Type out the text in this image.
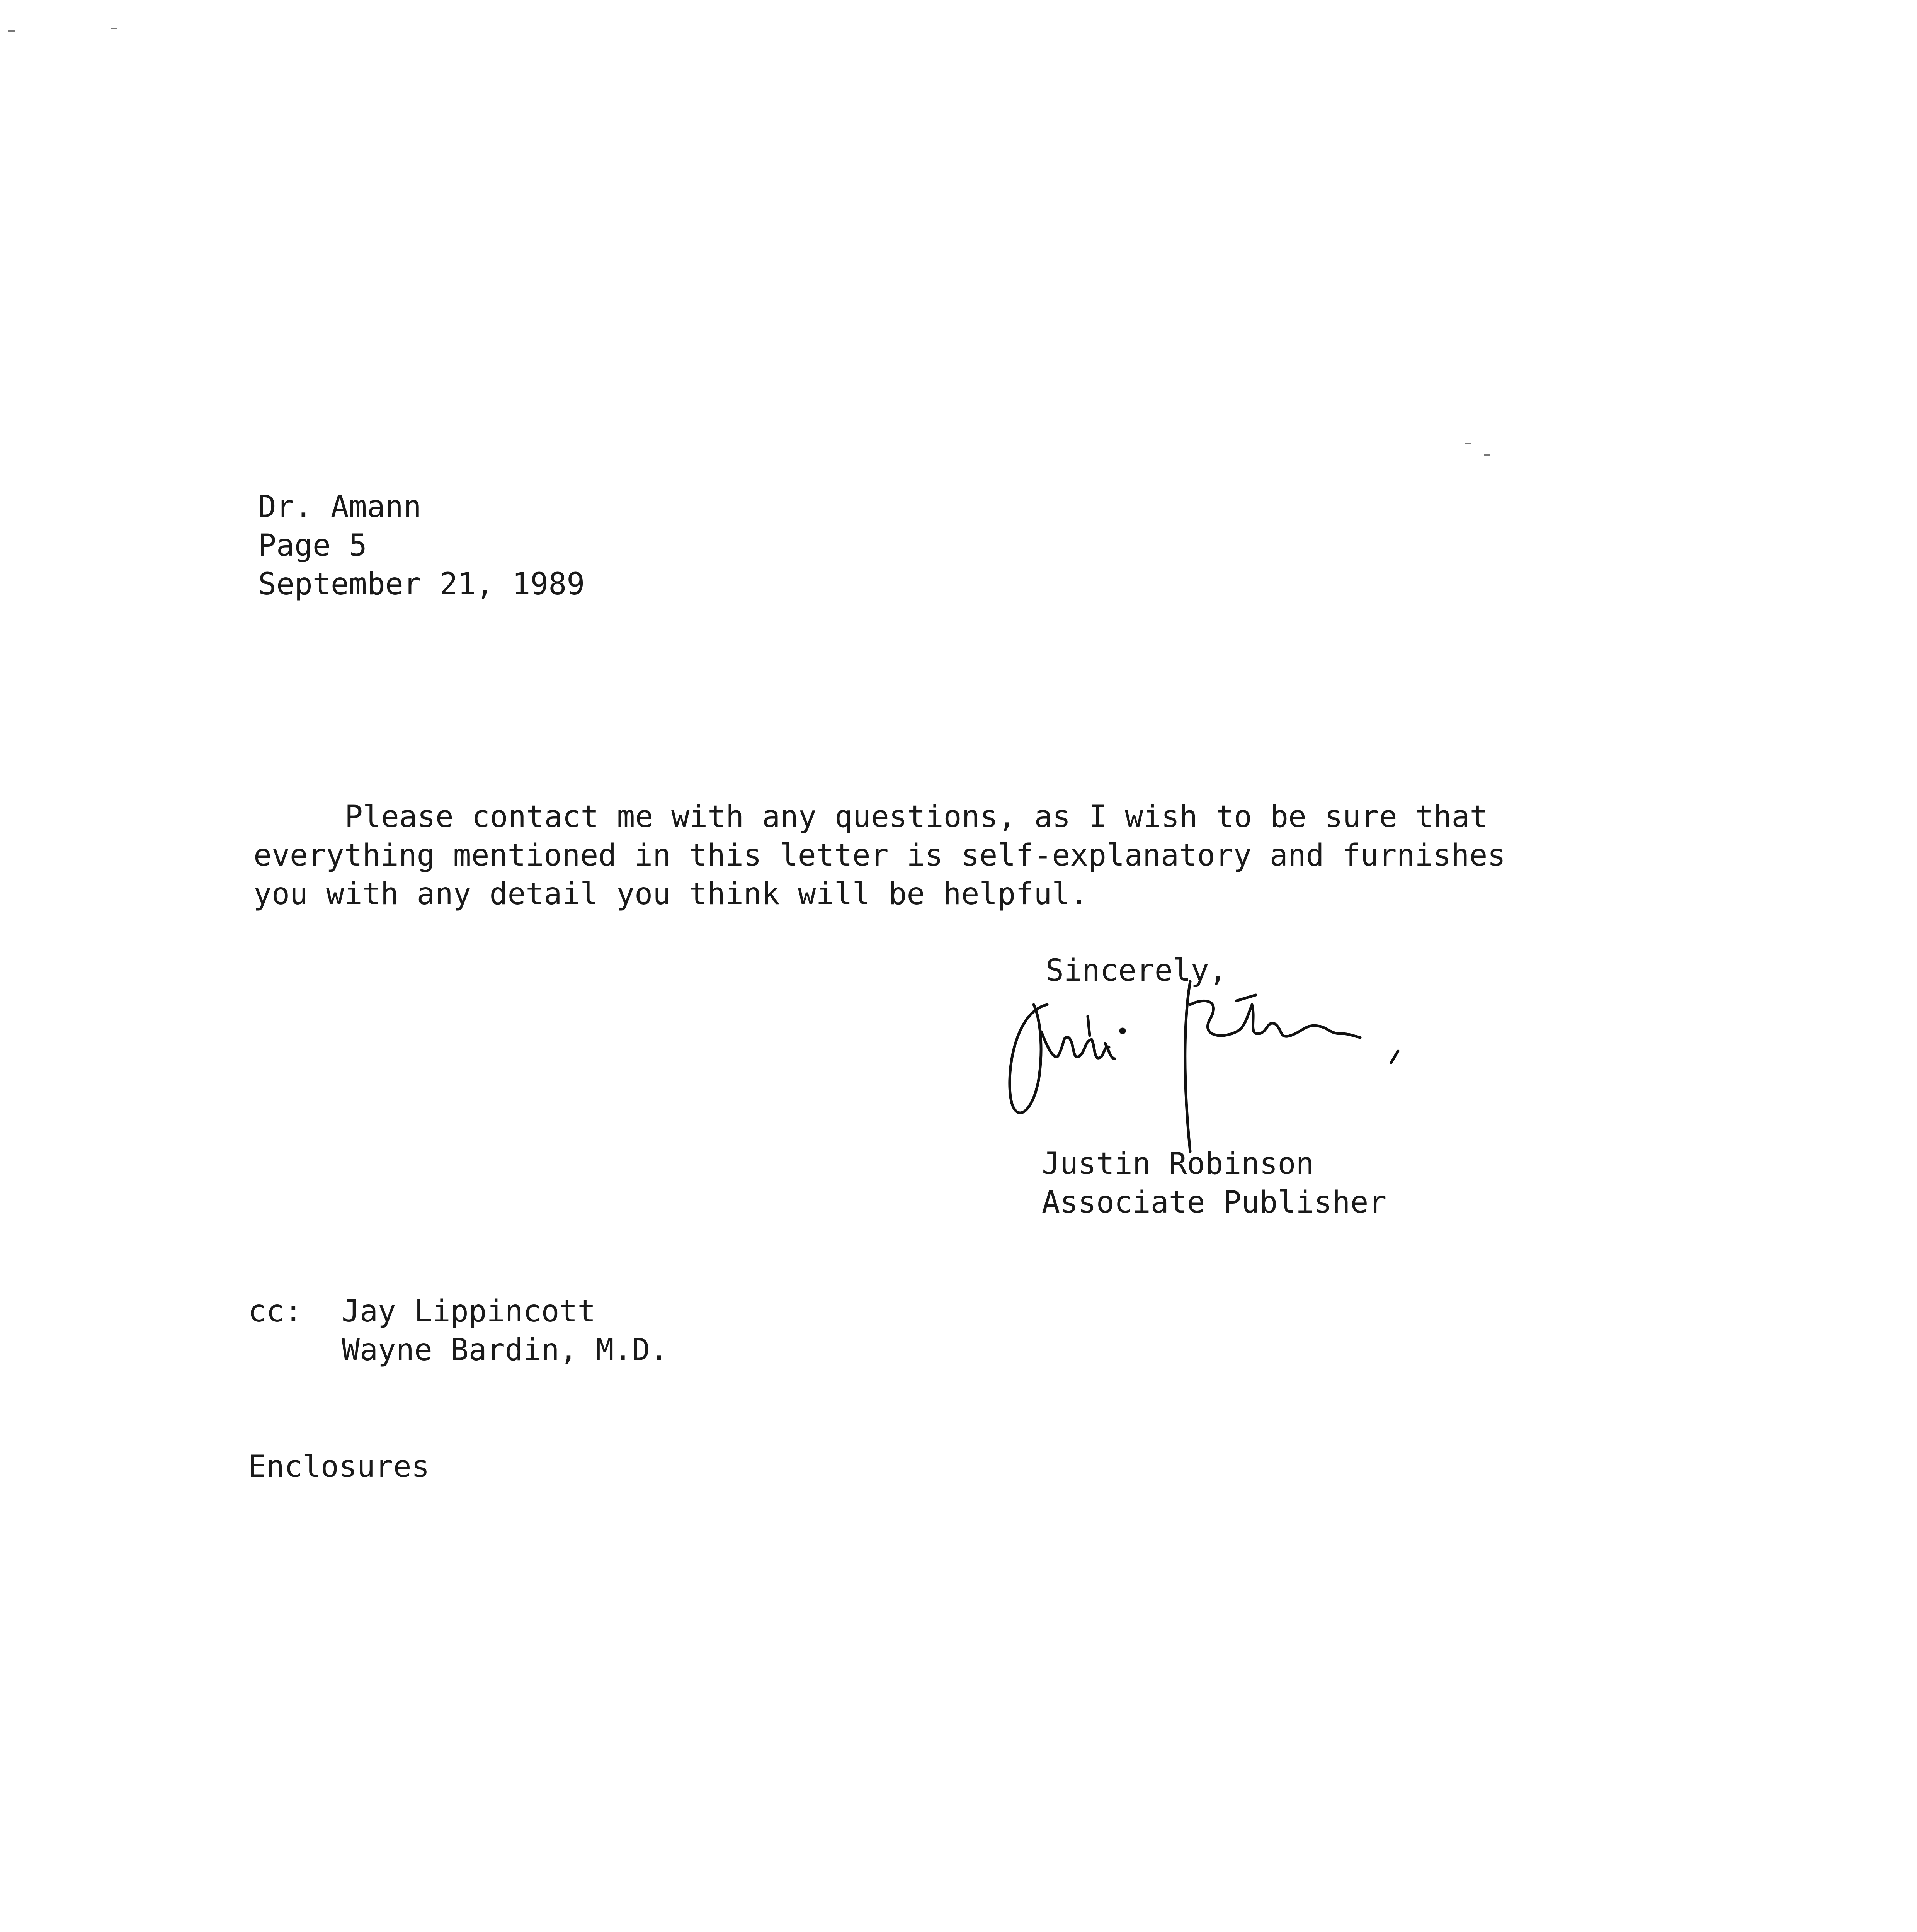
Dr. Amann
Page 5
September 21, 1989
Please contact me with any questions, as I wish to be sure that
everything mentioned in this letter is self-explanatory and furnishes
you with any detail you think will be helpful.
Sincerely,
Justin Robinson
Associate Publisher
cc: Jay Lippincott
Wayne Bardin, M.D.
Enclosures
